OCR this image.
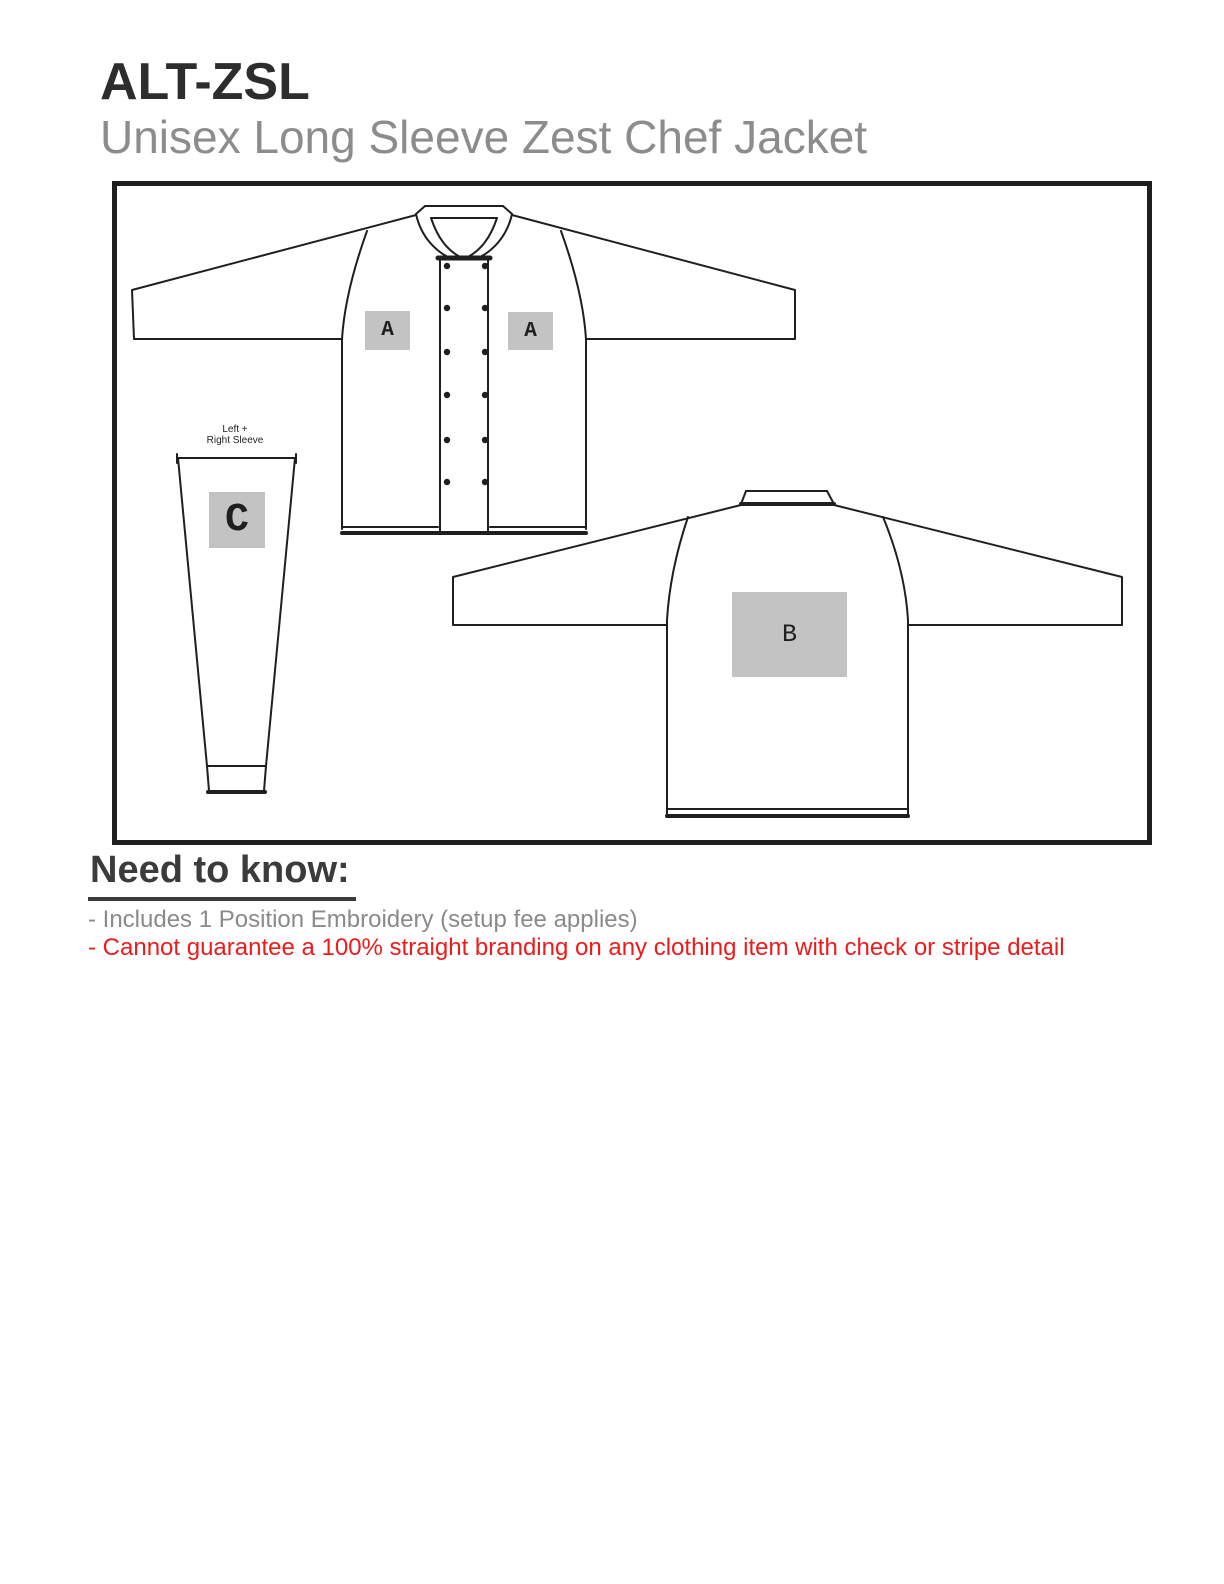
ALT-ZSL
Unisex Long Sleeve Zest Chef Jacket
Left +
Right Sleeve
A	A
B
C
Need to know:

- Includes 1 Position Embroidery (setup fee applies)

- Cannot guarantee a 100% straight branding on any clothing item with check or stripe detail
